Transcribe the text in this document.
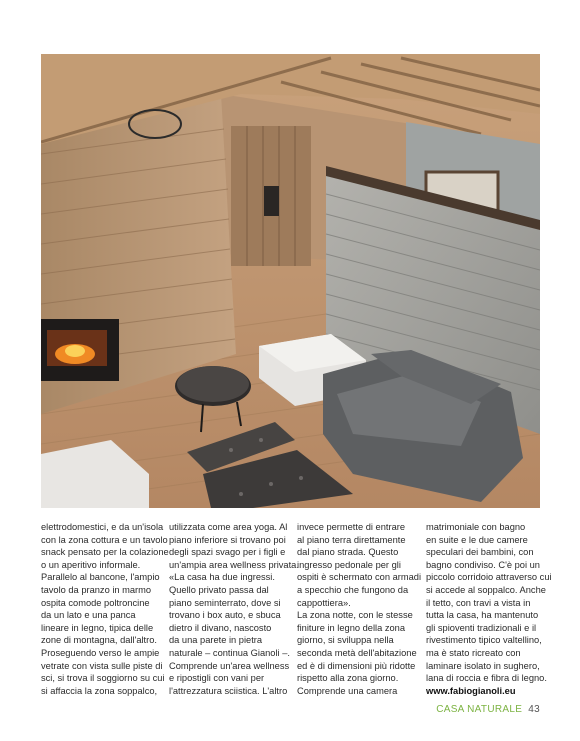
elettrodomestici, e da un'isola
con la zona cottura e un tavolo
snack pensato per la colazione
o un aperitivo informale.
Parallelo al bancone, l'ampio
tavolo da pranzo in marmo
ospita comode poltroncine
da un lato e una panca
lineare in legno, tipica delle
zone di montagna, dall'altro.
Proseguendo verso le ampie
vetrate con vista sulle piste di
sci, si trova il soggiorno su cui
si affaccia la zona soppalco,
utilizzata come area yoga. Al
piano inferiore si trovano poi
degli spazi svago per i figli e
un'ampia area wellness privata.
«La casa ha due ingressi.
Quello privato passa dal
piano seminterrato, dove si
trovano i box auto, e sbuca
dietro il divano, nascosto
da una parete in pietra
naturale – continua Gianoli –.
Comprende un'area wellness
e ripostigli con vani per
l'attrezzatura sciistica. L'altro
invece permette di entrare
al piano terra direttamente
dal piano strada. Questo
ingresso pedonale per gli
ospiti è schermato con armadi
a specchio che fungono da
cappottiera».
La zona notte, con le stesse
finiture in legno della zona
giorno, si sviluppa nella
seconda metà dell'abitazione
ed è di dimensioni più ridotte
rispetto alla zona giorno.
Comprende una camera
matrimoniale con bagno
en suite e le due camere
speculari dei bambini, con
bagno condiviso. C'è poi un
piccolo corridoio attraverso cui
si accede al soppalco. Anche
il tetto, con travi a vista in
tutta la casa, ha mantenuto
gli spioventi tradizionali e il
rivestimento tipico valtellino,
ma è stato ricreato con
laminare isolato in sughero,
lana di roccia e fibra di legno.
www.fabiogianoli.eu
CASA NATURALE 43
